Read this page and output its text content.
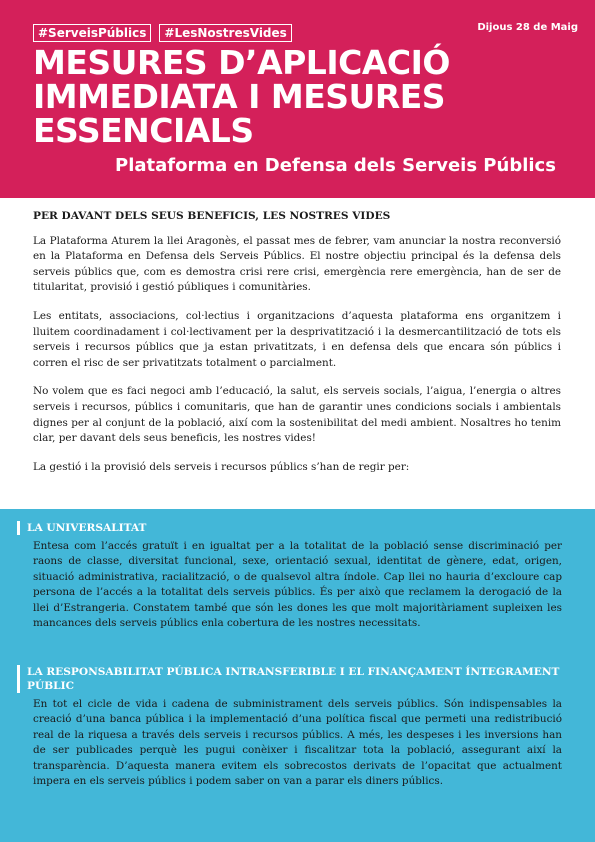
#ServeisPúblics	#LesNostresVides	Dijous 28 de Maig
MESURES D’APLICACIÓ IMMEDIATA I MESURES ESSENCIALS
Plataforma en Defensa dels Serveis Públics
PER DAVANT DELS SEUS BENEFICIS, LES NOSTRES VIDES

La Plataforma Aturem la llei Aragonès, el passat mes de febrer, vam anunciar la nostra reconversió en la Plataforma en Defensa dels Serveis Públics. El nostre objectiu principal és la defensa dels serveis públics que, com es demostra crisi rere crisi, emergència rere emergència, han de ser de titularitat, provisió i gestió públiques i comunitàries.

Les entitats, associacions, col·lectius i organitzacions d’aquesta plataforma ens organitzem i lluitem coordinadament i col·lectivament per la desprivatització i la desmercantilització de tots els serveis i recursos públics que ja estan privatitzats, i en defensa dels que encara són públics i corren el risc de ser privatitzats totalment o parcialment.

No volem que es faci negoci amb l’educació, la salut, els serveis socials, l’aigua, l’energia o altres serveis i recursos, públics i comunitaris, que han de garantir unes condicions socials i ambientals dignes per al conjunt de la població, així com la sostenibilitat del medi ambient. Nosaltres ho tenim clar, per davant dels seus beneficis, les nostres vides!

La gestió i la provisió dels serveis i recursos públics s’han de regir per:

LA UNIVERSALITAT
Entesa com l’accés gratuït i en igualtat per a la totalitat de la població sense discriminació per raons de classe, diversitat funcional, sexe, orientació sexual, identitat de gènere, edat, origen, situació administrativa, racialització, o de qualsevol altra índole. Cap llei no hauria d’excloure cap persona de l’accés a la totalitat dels serveis públics. És per això que reclamem la derogació de la llei d’Estrangeria. Constatem també que són les dones les que molt majoritàriament supleixen les mancances dels serveis públics enla cobertura de les nostres necessitats.
LA RESPONSABILITAT PÚBLICA INTRANSFERIBLE I EL FINANÇAMENT ÍNTEGRAMENT PÚBLIC
En tot el cicle de vida i cadena de subministrament dels serveis públics. Són indispensables la creació d’una banca pública i la implementació d’una política fiscal que permeti una redistribució real de la riquesa a través dels serveis i recursos públics. A més, les despeses i les inversions han de ser publicades perquè les pugui conèixer i fiscalitzar tota la població, assegurant així la transparència. D’aquesta manera evitem els sobrecostos derivats de l’opacitat que actualment impera en els serveis públics i podem saber on van a parar els diners públics.
